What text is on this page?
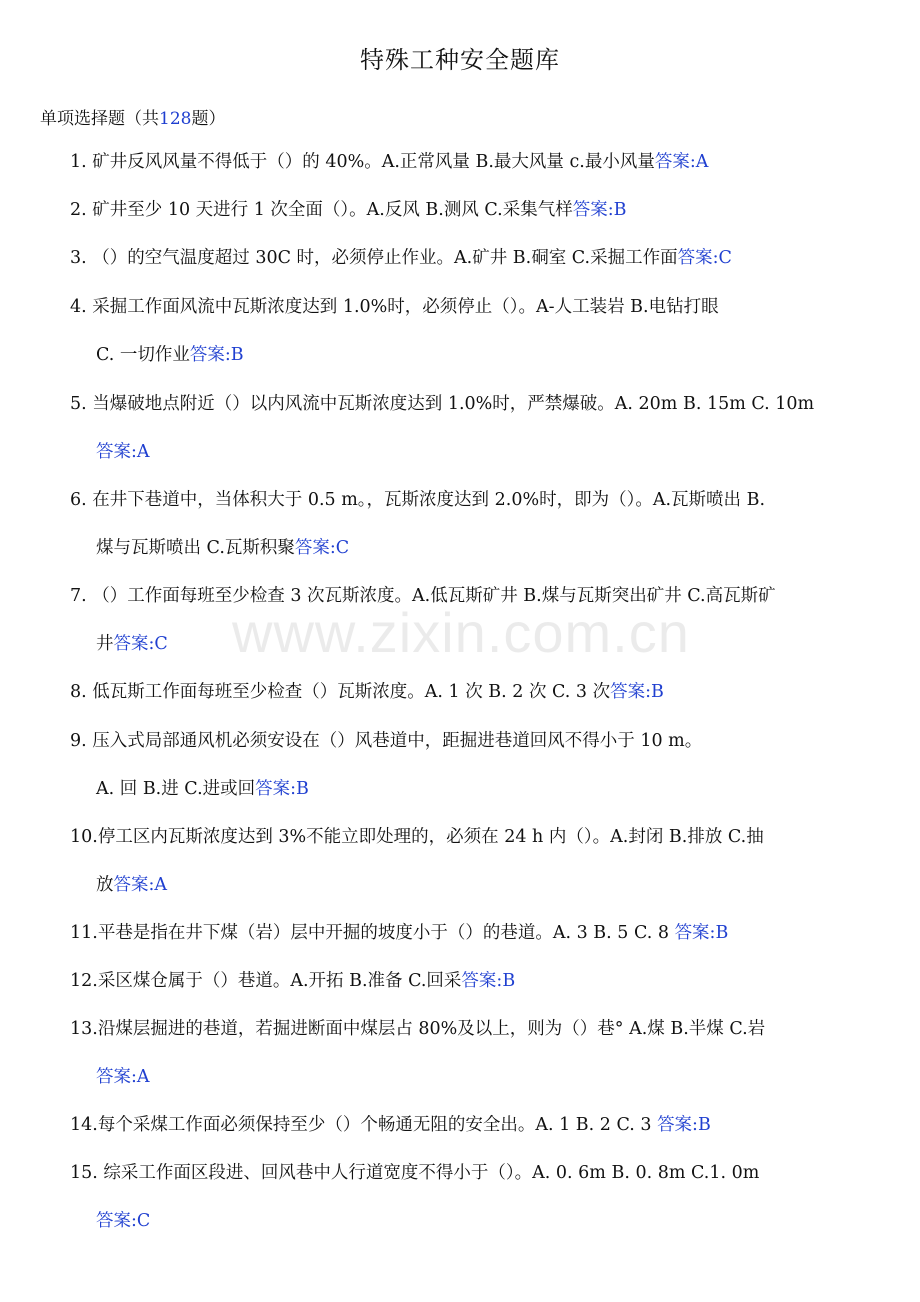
特殊工种安全题库
单项选择题（共128题）
www.zixin.com.cn
1. 矿井反风风量不得低于（）的 40%。A.正常风量 B.最大风量 c.最小风量答案:A
2. 矿井至少 10 天进行 1 次全面（）。A.反风 B.测风 C.采集气样答案:B
3. （）的空气温度超过 30C 时，必须停止作业。A.矿井 B.硐室 C.采掘工作面答案:C
4. 采掘工作面风流中瓦斯浓度达到 1.0%时，必须停止（）。A-人工装岩 B.电钻打眼
C. 一切作业答案:B
5. 当爆破地点附近（）以内风流中瓦斯浓度达到 1.0%时，严禁爆破。A. 20m B. 15m C. 10m
答案:A
6. 在井下巷道中，当体积大于 0.5 m。，瓦斯浓度达到 2.0%时，即为（）。A.瓦斯喷出 B.
煤与瓦斯喷出 C.瓦斯积聚答案:C
7. （）工作面每班至少检查 3 次瓦斯浓度。A.低瓦斯矿井 B.煤与瓦斯突出矿井 C.高瓦斯矿
井答案:C
8. 低瓦斯工作面每班至少检查（）瓦斯浓度。A. 1 次 B. 2 次 C. 3 次答案:B
9. 压入式局部通风机必须安设在（）风巷道中，距掘进巷道回风不得小于 10 m。
A. 回 B.进 C.进或回答案:B
10.停工区内瓦斯浓度达到 3%不能立即处理的，必须在 24 h 内（）。A.封闭 B.排放 C.抽
放答案:A
11.平巷是指在井下煤（岩）层中开掘的坡度小于（）的巷道。A. 3 B. 5 C. 8 答案:B
12.采区煤仓属于（）巷道。A.开拓 B.准备 C.回采答案:B
13.沿煤层掘进的巷道，若掘进断面中煤层占 80%及以上，则为（）巷° A.煤 B.半煤 C.岩
答案:A
14.每个采煤工作面必须保持至少（）个畅通无阻的安全出。A. 1 B. 2 C. 3 答案:B
15. 综采工作面区段进、回风巷中人行道宽度不得小于（）。A. 0. 6m B. 0. 8m C.1. 0m
答案:C
